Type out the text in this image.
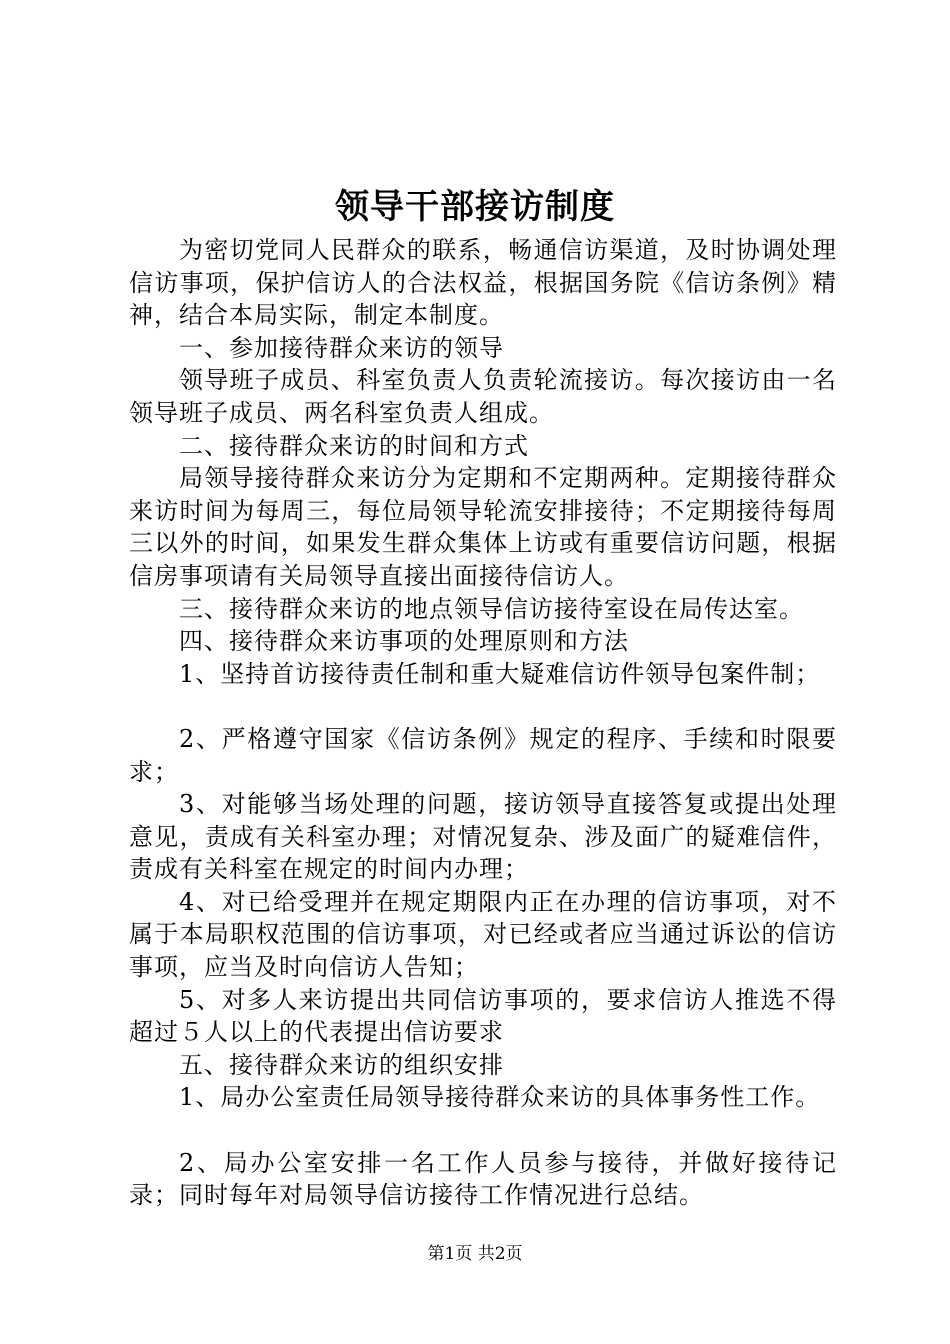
领导干部接访制度

为密切党同人民群众的联系，畅通信访渠道，及时协调处理信访事项，保护信访人的合法权益，根据国务院《信访条例》精神，结合本局实际，制定本制度。

一、参加接待群众来访的领导

领导班子成员、科室负责人负责轮流接访。每次接访由一名领导班子成员、两名科室负责人组成。

二、接待群众来访的时间和方式

局领导接待群众来访分为定期和不定期两种。定期接待群众来访时间为每周三，每位局领导轮流安排接待；不定期接待每周三以外的时间，如果发生群众集体上访或有重要信访问题，根据信房事项请有关局领导直接出面接待信访人。

三、接待群众来访的地点领导信访接待室设在局传达室。

四、接待群众来访事项的处理原则和方法

1、坚持首访接待责任制和重大疑难信访件领导包案件制；

2、严格遵守国家《信访条例》规定的程序、手续和时限要求；

3、对能够当场处理的问题，接访领导直接答复或提出处理意见，责成有关科室办理；对情况复杂、涉及面广的疑难信件，责成有关科室在规定的时间内办理；

4、对已给受理并在规定期限内正在办理的信访事项，对不属于本局职权范围的信访事项，对已经或者应当通过诉讼的信访事项，应当及时向信访人告知；

5、对多人来访提出共同信访事项的，要求信访人推选不得超过５人以上的代表提出信访要求

五、接待群众来访的组织安排

1、局办公室责任局领导接待群众来访的具体事务性工作。

2、局办公室安排一名工作人员参与接待，并做好接待记录；同时每年对局领导信访接待工作情况进行总结。

第1页 共2页
